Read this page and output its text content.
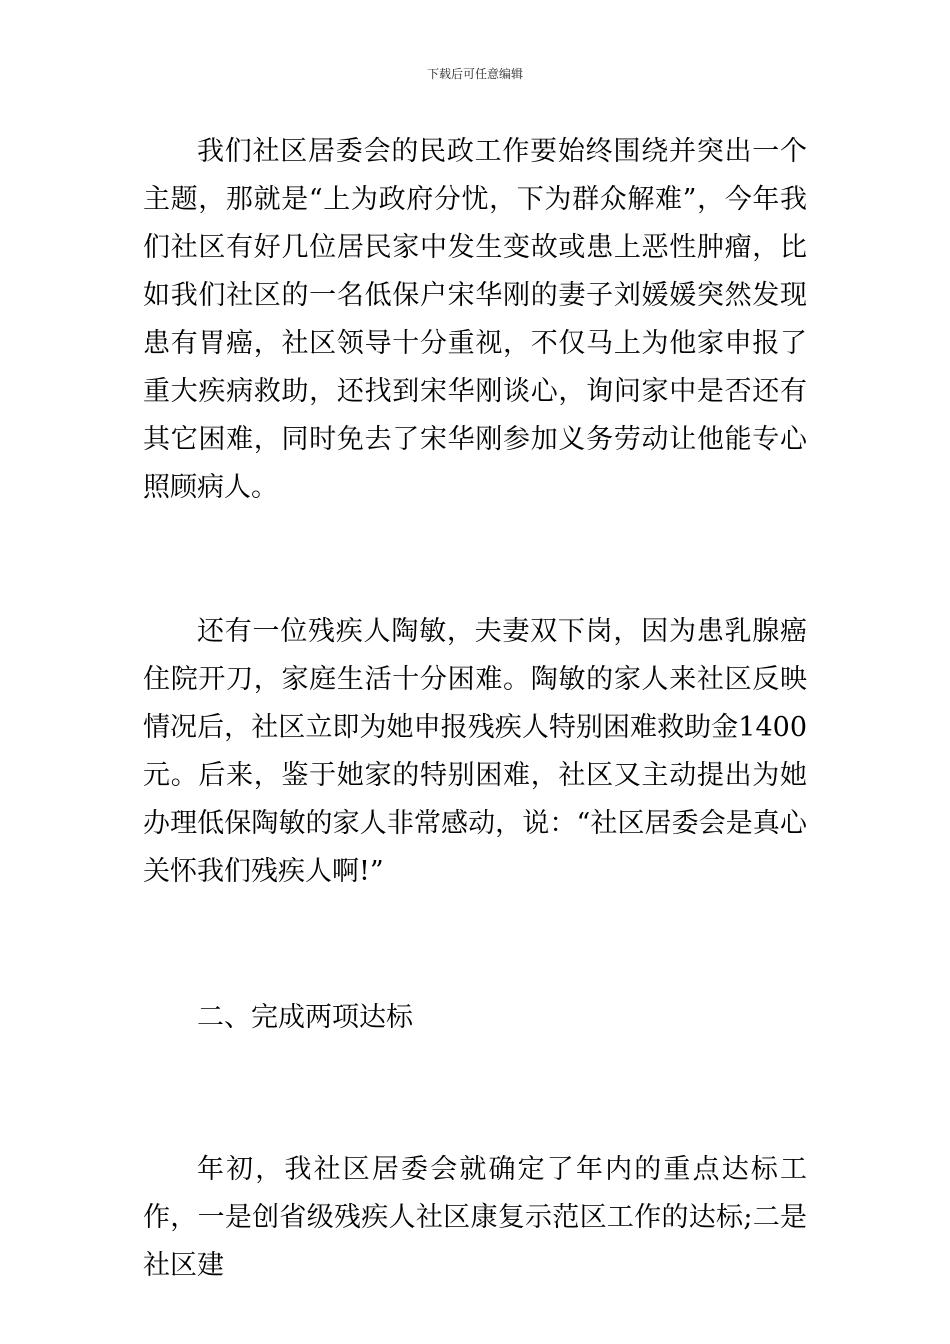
下载后可任意编辑

我们社区居委会的民政工作要始终围绕并突出一个主题，那就是“上为政府分忧，下为群众解难”，今年我们社区有好几位居民家中发生变故或患上恶性肿瘤，比如我们社区的一名低保户宋华刚的妻子刘媛媛突然发现患有胃癌，社区领导十分重视，不仅马上为他家申报了重大疾病救助，还找到宋华刚谈心，询问家中是否还有其它困难，同时免去了宋华刚参加义务劳动让他能专心照顾病人。

还有一位残疾人陶敏，夫妻双下岗，因为患乳腺癌住院开刀，家庭生活十分困难。陶敏的家人来社区反映情况后，社区立即为她申报残疾人特别困难救助金1400元。后来，鉴于她家的特别困难，社区又主动提出为她办理低保陶敏的家人非常感动，说：“社区居委会是真心关怀我们残疾人啊!”

二、完成两项达标

年初，我社区居委会就确定了年内的重点达标工作，一是创省级残疾人社区康复示范区工作的达标;二是社区建
